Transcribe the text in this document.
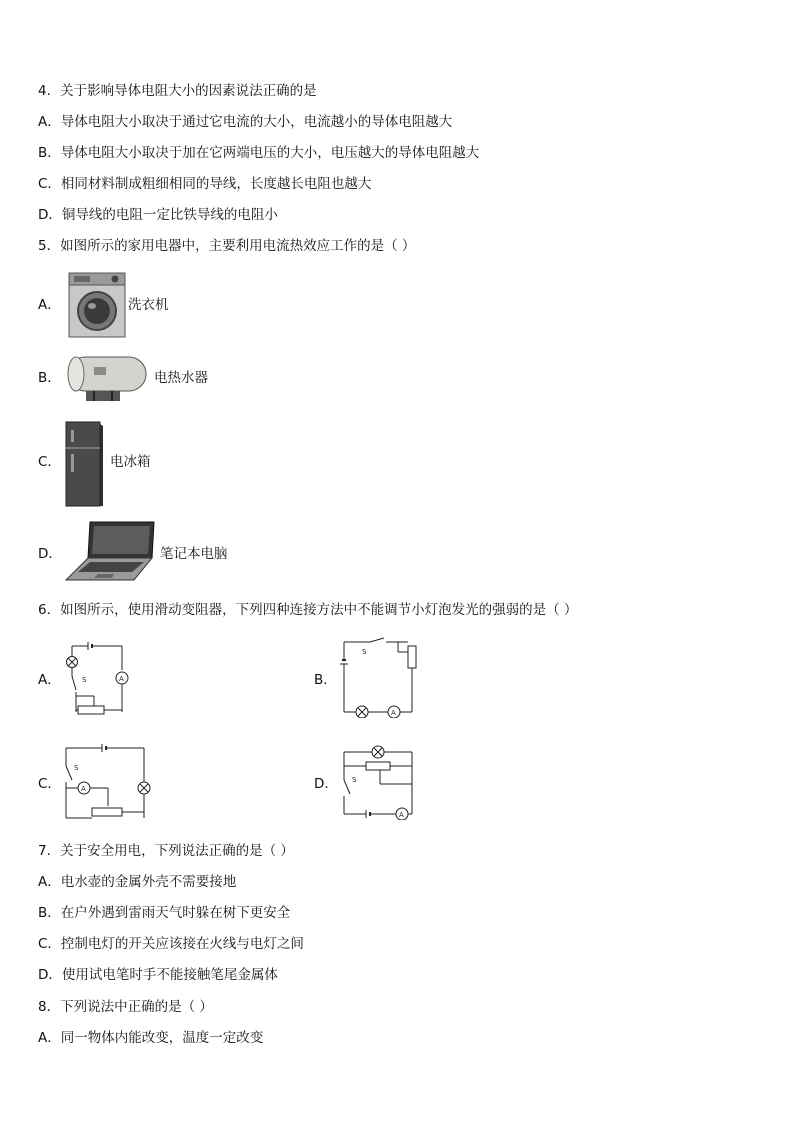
4．关于影响导体电阻大小的因素说法正确的是
A．导体电阻大小取决于通过它电流的大小，电流越小的导体电阻越大
B．导体电阻大小取决于加在它两端电压的大小，电压越大的导体电阻越大
C．相同材料制成粗细相同的导线，长度越长电阻也越大
D．铜导线的电阻一定比铁导线的电阻小
5．如图所示的家用电器中，主要利用电流热效应工作的是（ ）
A．	洗衣机
B．	电热水器
C．	电冰箱
D．	笔记本电脑
6．如图所示，使用滑动变阻器，下列四种连接方法中不能调节小灯泡发光的强弱的是（ ）
A．	A
S	B．
S
A
C．
S
A	D． S
A
7．关于安全用电，下列说法正确的是（ ）
A．电水壶的金属外壳不需要接地
B．在户外遇到雷雨天气时躲在树下更安全
C．控制电灯的开关应该接在火线与电灯之间
D．使用试电笔时手不能接触笔尾金属体
8．下列说法中正确的是（ ）
A．同一物体内能改变，温度一定改变
